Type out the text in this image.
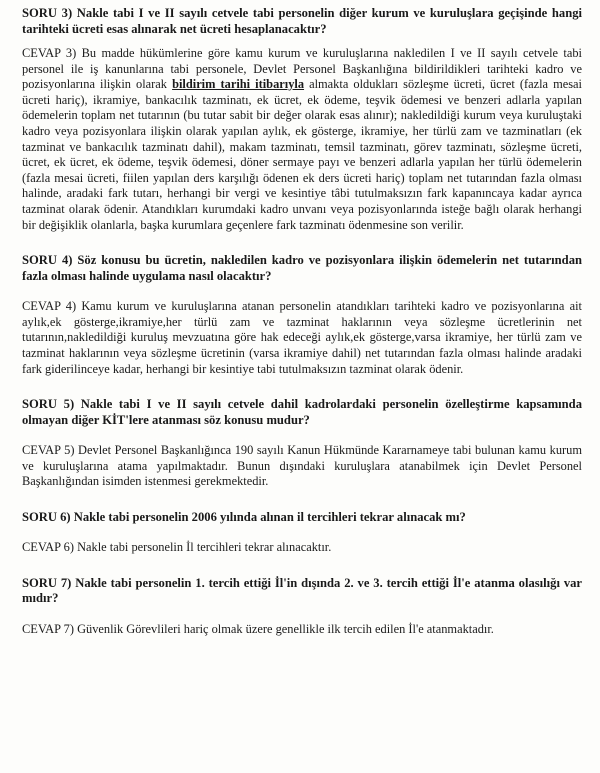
SORU 3) Nakle tabi I ve II sayılı cetvele tabi personelin diğer kurum ve kuruluşlara geçişinde hangi tarihteki ücreti esas alınarak net ücreti hesaplanacaktır?

CEVAP 3) Bu madde hükümlerine göre kamu kurum ve kuruluşlarına nakledilen I ve II sayılı cetvele tabi personel ile iş kanunlarına tabi personele, Devlet Personel Başkanlığına bildirildikleri tarihteki kadro ve pozisyonlarına ilişkin olarak bildirim tarihi itibarıyla almakta oldukları sözleşme ücreti, ücret (fazla mesai ücreti hariç), ikramiye, bankacılık tazminatı, ek ücret, ek ödeme, teşvik ödemesi ve benzeri adlarla yapılan ödemelerin toplam net tutarının (bu tutar sabit bir değer olarak esas alınır); nakledildiği kurum veya kuruluştaki kadro veya pozisyonlara ilişkin olarak yapılan aylık, ek gösterge, ikramiye, her türlü zam ve tazminatları (ek tazminat ve bankacılık tazminatı dahil), makam tazminatı, temsil tazminatı, görev tazminatı, sözleşme ücreti, ücret, ek ücret, ek ödeme, teşvik ödemesi, döner sermaye payı ve benzeri adlarla yapılan her türlü ödemelerin (fazla mesai ücreti, fiilen yapılan ders karşılığı ödenen ek ders ücreti hariç) toplam net tutarından fazla olması halinde, aradaki fark tutarı, herhangi bir vergi ve kesintiye tâbi tutulmaksızın fark kapanıncaya kadar ayrıca tazminat olarak ödenir. Atandıkları kurumdaki kadro unvanı veya pozisyonlarında isteğe bağlı olarak herhangi bir değişiklik olanlarla, başka kurumlara geçenlere fark tazminatı ödenmesine son verilir.

SORU 4) Söz konusu bu ücretin, nakledilen kadro ve pozisyonlara ilişkin ödemelerin net tutarından fazla olması halinde uygulama nasıl olacaktır?

CEVAP 4) Kamu kurum ve kuruluşlarına atanan personelin atandıkları tarihteki kadro ve pozisyonlarına ait aylık,ek gösterge,ikramiye,her türlü zam ve tazminat haklarının veya sözleşme ücretlerinin net tutarının,nakledildiği kuruluş mevzuatına göre hak edeceği aylık,ek gösterge,varsa ikramiye, her türlü zam ve tazminat haklarının veya sözleşme ücretinin (varsa ikramiye dahil) net tutarından fazla olması halinde aradaki fark giderilinceye kadar, herhangi bir kesintiye tabi tutulmaksızın tazminat olarak ödenir.

SORU 5) Nakle tabi I ve II sayılı cetvele dahil kadrolardaki personelin özelleştirme kapsamında olmayan diğer KİT'lere atanması söz konusu mudur?

CEVAP 5) Devlet Personel Başkanlığınca 190 sayılı Kanun Hükmünde Kararnameye tabi bulunan kamu kurum ve kuruluşlarına atama yapılmaktadır. Bunun dışındaki kuruluşlara atanabilmek için Devlet Personel Başkanlığından isimden istenmesi gerekmektedir.

SORU 6) Nakle tabi personelin 2006 yılında alınan il tercihleri tekrar alınacak mı?

CEVAP 6) Nakle tabi personelin İl tercihleri tekrar alınacaktır.

SORU 7) Nakle tabi personelin 1. tercih ettiği İl'in dışında 2. ve 3. tercih ettiği İl'e atanma olasılığı var mıdır?

CEVAP 7) Güvenlik Görevlileri hariç olmak üzere genellikle ilk tercih edilen İl'e atanmaktadır.
